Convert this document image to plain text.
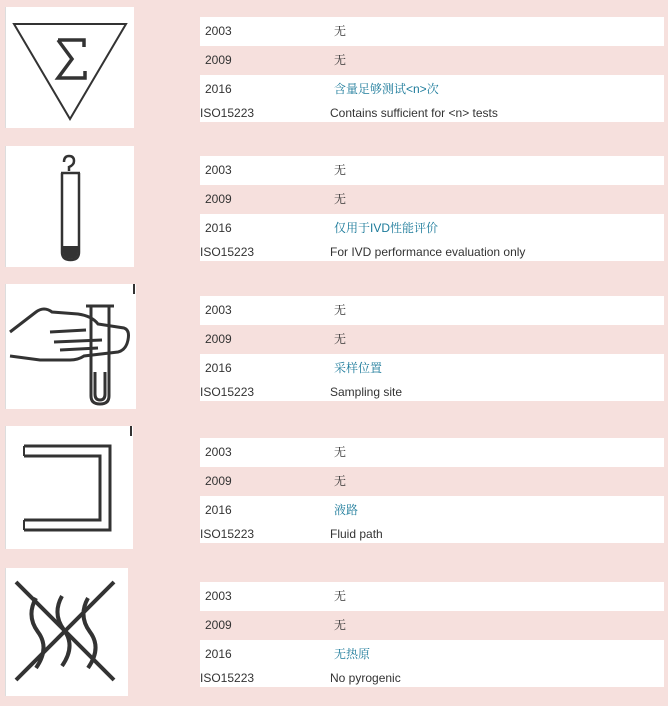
2003	无
2009	无
2016	含量足够测试<n>次
ISO15223	Contains sufficient for <n> tests
2003	无
2009	无
2016	仅用于IVD性能评价
ISO15223	For IVD performance evaluation only
2003	无
2009	无
2016	采样位置
ISO15223	Sampling site
2003	无
2009	无
2016	液路
ISO15223	Fluid path
2003	无
2009	无
2016	无热原
ISO15223	No pyrogenic
